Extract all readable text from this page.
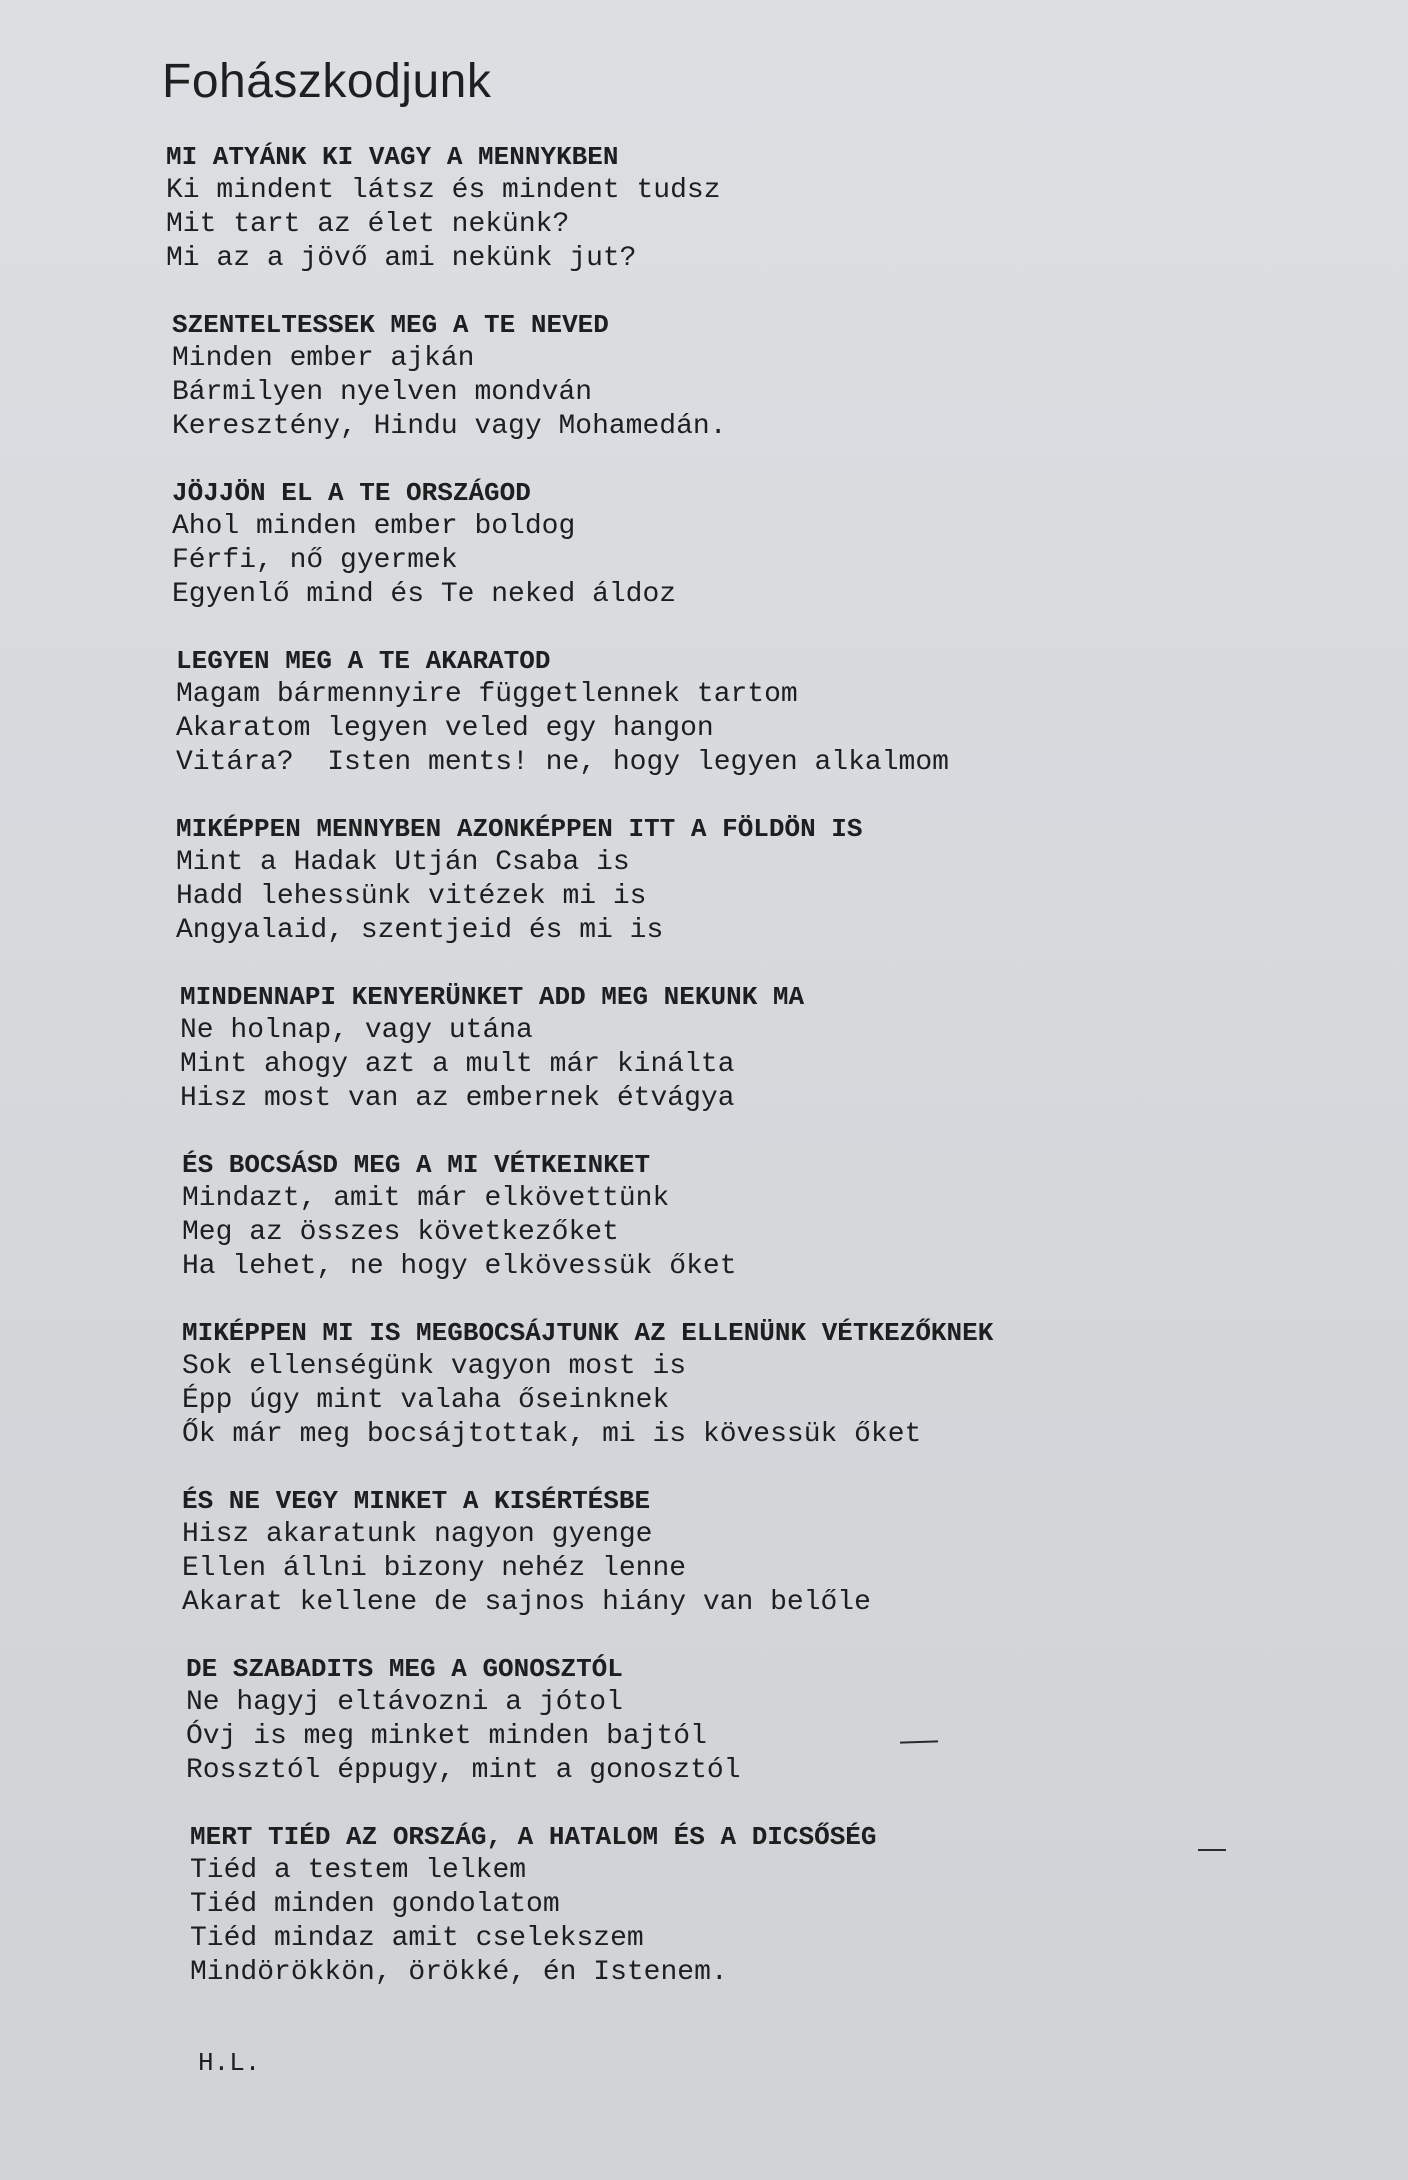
Fohászkodjunk
MI ATYÁNK KI VAGY A MENNYKBEN
Ki mindent látsz és mindent tudsz
Mit tart az élet nekünk?
Mi az a jövő ami nekünk jut?
SZENTELTESSEK MEG A TE NEVED
Minden ember ajkán
Bármilyen nyelven mondván
Keresztény, Hindu vagy Mohamedán.
JÖJJÖN EL A TE ORSZÁGOD
Ahol minden ember boldog
Férfi, nő gyermek
Egyenlő mind és Te neked áldoz
LEGYEN MEG A TE AKARATOD
Magam bármennyire függetlennek tartom
Akaratom legyen veled egy hangon
Vitára?  Isten ments! ne, hogy legyen alkalmom
MIKÉPPEN MENNYBEN AZONKÉPPEN ITT A FÖLDÖN IS
Mint a Hadak Utján Csaba is
Hadd lehessünk vitézek mi is
Angyalaid, szentjeid és mi is
MINDENNAPI KENYERÜNKET ADD MEG NEKUNK MA
Ne holnap, vagy utána
Mint ahogy azt a mult már kinálta
Hisz most van az embernek étvágya
ÉS BOCSÁSD MEG A MI VÉTKEINKET
Mindazt, amit már elkövettünk
Meg az összes következőket
Ha lehet, ne hogy elkövessük őket
MIKÉPPEN MI IS MEGBOCSÁJTUNK AZ ELLENÜNK VÉTKEZŐKNEK
Sok ellenségünk vagyon most is
Épp úgy mint valaha őseinknek
Ők már meg bocsájtottak, mi is kövessük őket
ÉS NE VEGY MINKET A KISÉRTÉSBE
Hisz akaratunk nagyon gyenge
Ellen állni bizony nehéz lenne
Akarat kellene de sajnos hiány van belőle
DE SZABADITS MEG A GONOSZTÓL
Ne hagyj eltávozni a jótol
Óvj is meg minket minden bajtól
Rossztól éppugy, mint a gonosztól
MERT TIÉD AZ ORSZÁG, A HATALOM ÉS A DICSŐSÉG
Tiéd a testem lelkem
Tiéd minden gondolatom
Tiéd mindaz amit cselekszem
Mindörökkön, örökké, én Istenem.
H.L.
